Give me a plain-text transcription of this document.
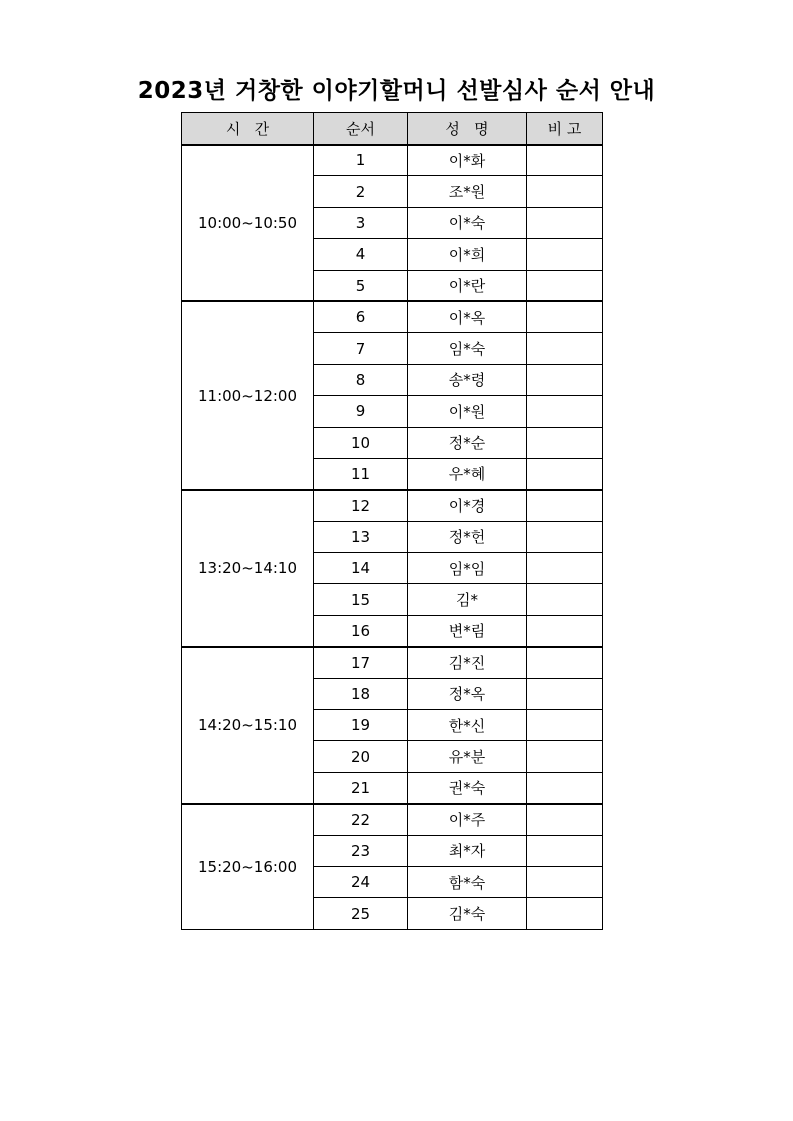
2023년 거창한 이야기할머니 선발심사 순서 안내
시   간	순서	성   명	비 고
10:00~10:50	1	이*화	
	2	조*원	
	3	이*숙	
	4	이*희	
	5	이*란	
11:00~12:00	6	이*옥	
	7	임*숙	
	8	송*령	
	9	이*원	
	10	정*순	
	11	우*혜	
13:20~14:10	12	이*경	
	13	정*헌	
	14	임*임	
	15	김*	
	16	변*림	
14:20~15:10	17	김*진	
	18	정*옥	
	19	한*신	
	20	유*분	
	21	권*숙	
15:20~16:00	22	이*주	
	23	최*자	
	24	함*숙	
	25	김*숙	
